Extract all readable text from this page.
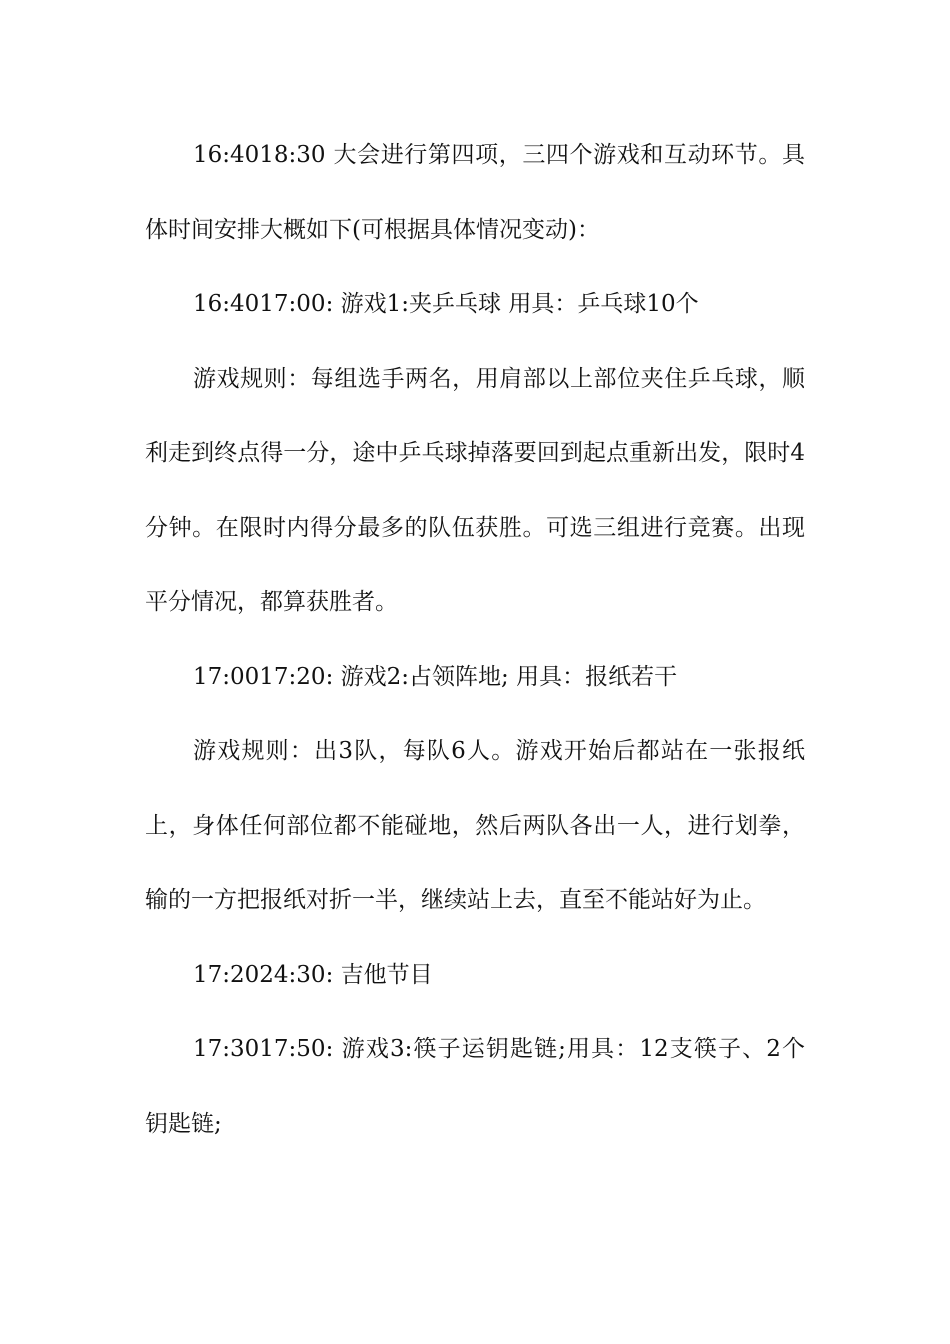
16:4018:30 大会进行第四项，三四个游戏和互动环节。具体时间安排大概如下(可根据具体情况变动)：

16:4017:00: 游戏1:夹乒乓球 用具：乒乓球10个

游戏规则：每组选手两名，用肩部以上部位夹住乒乓球，顺利走到终点得一分，途中乒乓球掉落要回到起点重新出发，限时4分钟。在限时内得分最多的队伍获胜。可选三组进行竞赛。出现平分情况，都算获胜者。

17:0017:20: 游戏2:占领阵地; 用具：报纸若干

游戏规则：出3队，每队6人。游戏开始后都站在一张报纸上，身体任何部位都不能碰地，然后两队各出一人，进行划拳，输的一方把报纸对折一半，继续站上去，直至不能站好为止。

17:2024:30: 吉他节目

17:3017:50: 游戏3:筷子运钥匙链;用具：12支筷子、2个钥匙链;
